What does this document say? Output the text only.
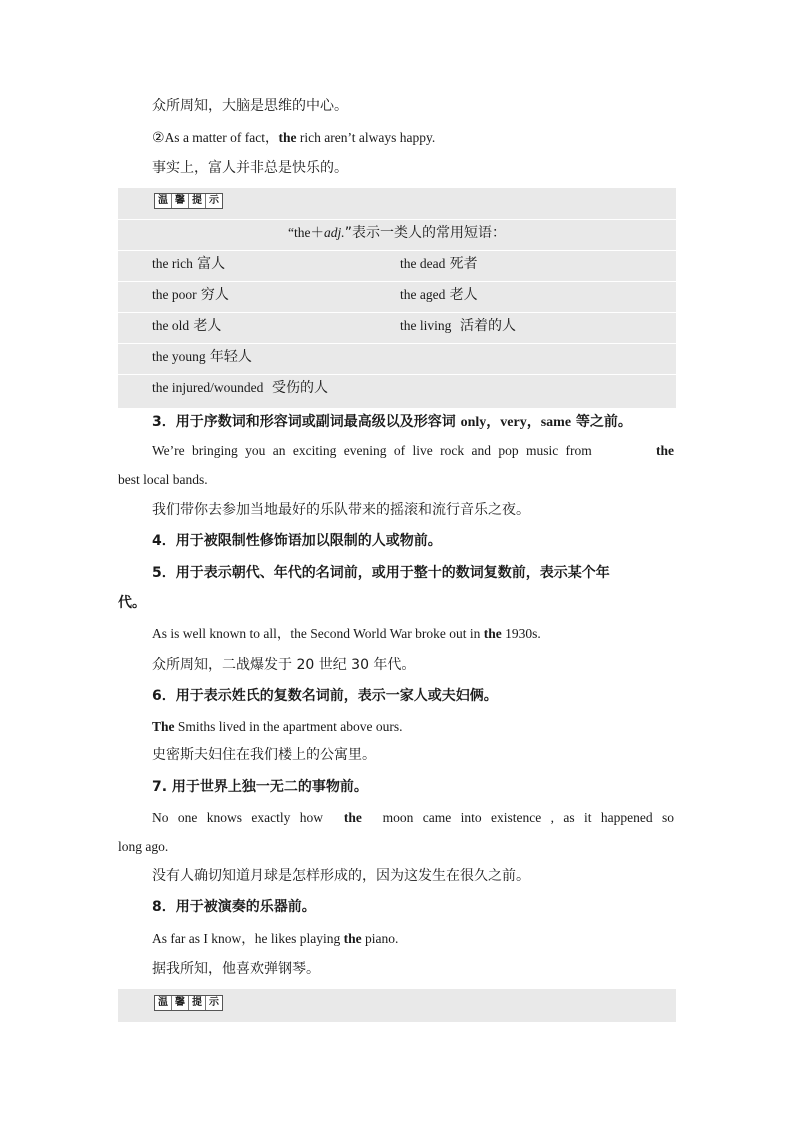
众所周知，大脑是思维的中心。
②As a matter of fact，the rich aren’t always happy.
事实上，富人并非总是快乐的。
温 馨 提 示
“the＋adj.”表示一类人的常用短语：
the rich 富人	the dead 死者
the poor 穷人	the aged 老人
the old 老人	the living 活着的人
the young 年轻人
the injured/wounded 受伤的人
3．用于序数词和形容词或副词最高级以及形容词 only，very，same 等之前。
We’re bringing you an exciting evening of live rock and pop music from	the
best local bands.
我们带你去参加当地最好的乐队带来的摇滚和流行音乐之夜。
4．用于被限制性修饰语加以限制的人或物前。
5．用于表示朝代、年代的名词前，或用于整十的数词复数前，表示某个年
代。
As is well known to all，the Second World War broke out in the 1930s.
众所周知，二战爆发于 20 世纪 30 年代。
6．用于表示姓氏的复数名词前，表示一家人或夫妇俩。
The Smiths lived in the apartment above ours.
史密斯夫妇住在我们楼上的公寓里。
7. 用于世界上独一无二的事物前。
No one knows exactly how the moon came into existence , as it happened so
long ago.
没有人确切知道月球是怎样形成的，因为这发生在很久之前。
8．用于被演奏的乐器前。
As far as I know，he likes playing the piano.
据我所知，他喜欢弹钢琴。
温 馨 提 示
